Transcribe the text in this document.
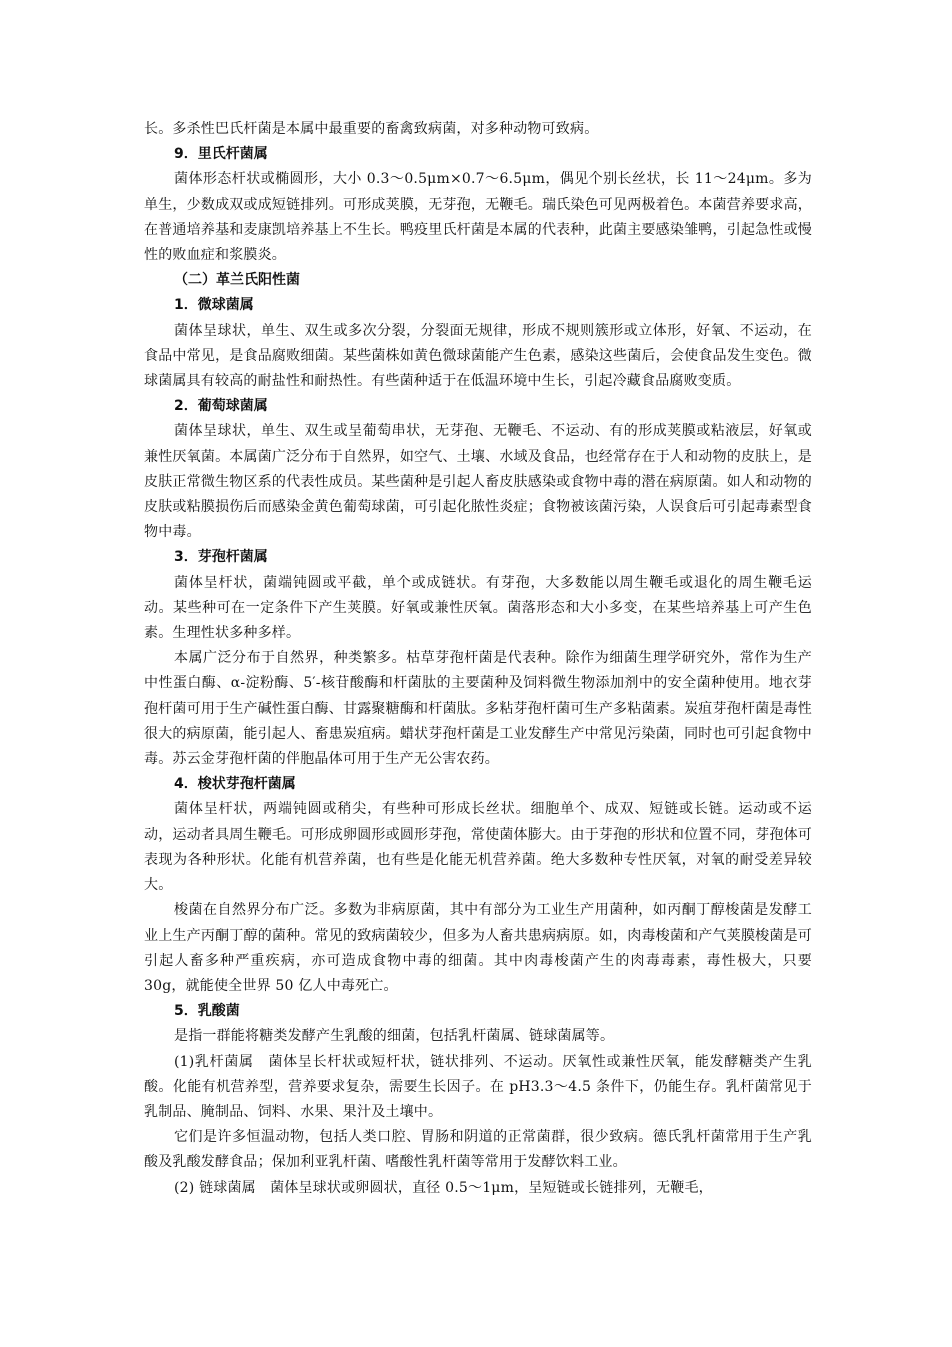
长。多杀性巴氏杆菌是本属中最重要的畜禽致病菌，对多种动物可致病。

9．里氏杆菌属

菌体形态杆状或椭圆形，大小 0.3～0.5μm×0.7～6.5μm，偶见个别长丝状，长 11～24μm。多为单生，少数成双或成短链排列。可形成荚膜，无芽孢，无鞭毛。瑞氏染色可见两极着色。本菌营养要求高，在普通培养基和麦康凯培养基上不生长。鸭疫里氏杆菌是本属的代表种，此菌主要感染雏鸭，引起急性或慢性的败血症和浆膜炎。

（二）革兰氏阳性菌

1．微球菌属

菌体呈球状，单生、双生或多次分裂，分裂面无规律，形成不规则簇形或立体形，好氧、不运动，在食品中常见，是食品腐败细菌。某些菌株如黄色微球菌能产生色素，感染这些菌后，会使食品发生变色。微球菌属具有较高的耐盐性和耐热性。有些菌种适于在低温环境中生长，引起冷藏食品腐败变质。

2．葡萄球菌属

菌体呈球状，单生、双生或呈葡萄串状，无芽孢、无鞭毛、不运动、有的形成荚膜或粘液层，好氧或兼性厌氧菌。本属菌广泛分布于自然界，如空气、土壤、水域及食品，也经常存在于人和动物的皮肤上，是皮肤正常微生物区系的代表性成员。某些菌种是引起人畜皮肤感染或食物中毒的潜在病原菌。如人和动物的皮肤或粘膜损伤后而感染金黄色葡萄球菌，可引起化脓性炎症；食物被该菌污染，人误食后可引起毒素型食物中毒。

3．芽孢杆菌属

菌体呈杆状，菌端钝圆或平截，单个或成链状。有芽孢，大多数能以周生鞭毛或退化的周生鞭毛运动。某些种可在一定条件下产生荚膜。好氧或兼性厌氧。菌落形态和大小多变，在某些培养基上可产生色素。生理性状多种多样。

本属广泛分布于自然界，种类繁多。枯草芽孢杆菌是代表种。除作为细菌生理学研究外，常作为生产中性蛋白酶、α-淀粉酶、5′-核苷酸酶和杆菌肽的主要菌种及饲料微生物添加剂中的安全菌种使用。地衣芽孢杆菌可用于生产碱性蛋白酶、甘露聚糖酶和杆菌肽。多粘芽孢杆菌可生产多粘菌素。炭疽芽孢杆菌是毒性很大的病原菌，能引起人、畜患炭疽病。蜡状芽孢杆菌是工业发酵生产中常见污染菌，同时也可引起食物中毒。苏云金芽孢杆菌的伴胞晶体可用于生产无公害农药。

4．梭状芽孢杆菌属

菌体呈杆状，两端钝圆或稍尖，有些种可形成长丝状。细胞单个、成双、短链或长链。运动或不运动，运动者具周生鞭毛。可形成卵圆形或圆形芽孢，常使菌体膨大。由于芽孢的形状和位置不同，芽孢体可表现为各种形状。化能有机营养菌，也有些是化能无机营养菌。绝大多数种专性厌氧，对氧的耐受差异较大。

梭菌在自然界分布广泛。多数为非病原菌，其中有部分为工业生产用菌种，如丙酮丁醇梭菌是发酵工业上生产丙酮丁醇的菌种。常见的致病菌较少，但多为人畜共患病病原。如，肉毒梭菌和产气荚膜梭菌是可引起人畜多种严重疾病，亦可造成食物中毒的细菌。其中肉毒梭菌产生的肉毒毒素，毒性极大，只要 30g，就能使全世界 50 亿人中毒死亡。

5．乳酸菌

是指一群能将糖类发酵产生乳酸的细菌，包括乳杆菌属、链球菌属等。

(1)乳杆菌属　菌体呈长杆状或短杆状，链状排列、不运动。厌氧性或兼性厌氧，能发酵糖类产生乳酸。化能有机营养型，营养要求复杂，需要生长因子。在 pH3.3～4.5 条件下，仍能生存。乳杆菌常见于乳制品、腌制品、饲料、水果、果汁及土壤中。

它们是许多恒温动物，包括人类口腔、胃肠和阴道的正常菌群，很少致病。德氏乳杆菌常用于生产乳酸及乳酸发酵食品；保加利亚乳杆菌、嗜酸性乳杆菌等常用于发酵饮料工业。

(2) 链球菌属　菌体呈球状或卵圆状，直径 0.5～1μm，呈短链或长链排列，无鞭毛，
